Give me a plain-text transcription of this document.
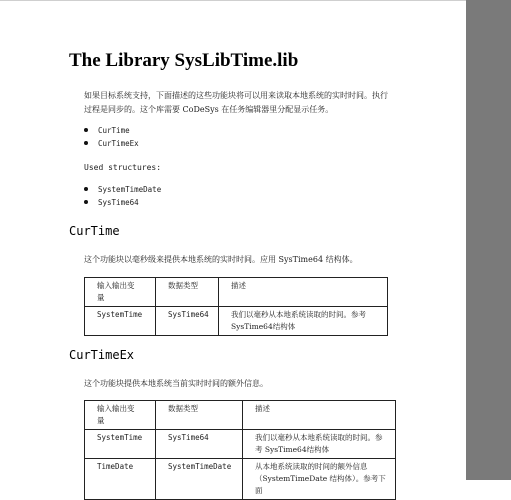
The Library SysLibTime.lib
如果目标系统支持，下面描述的这些功能块将可以用来读取本地系统的实时时间。执行
过程是同步的。这个库需要 CoDeSys 在任务编辑器里分配显示任务。
CurTime
CurTimeEx
Used structures:
SystemTimeDate
SysTime64
CurTime
这个功能块以毫秒级来提供本地系统的实时时间。应用 SysTime64 结构体。
输入输出变
量	数据类型	描述
SystemTime	SysTime64	我们以毫秒从本地系统读取的时间。参考
SysTime64结构体
CurTimeEx
这个功能块提供本地系统当前实时时间的额外信息。
输入输出变
量	数据类型	描述
SystemTime	SysTime64	我们以毫秒从本地系统读取的时间。参
考 SysTime64结构体
TimeDate	SystemTimeDate	从本地系统读取的时间的额外信息
（SystemTimeDate 结构体）。参考下面
